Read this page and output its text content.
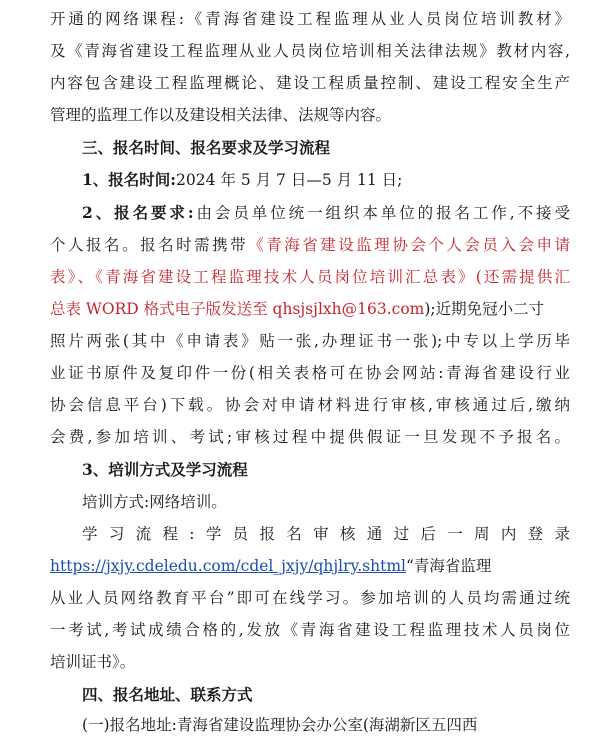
开通的网络课程:《青海省建设工程监理从业人员岗位培训教材》
及《青海省建设工程监理从业人员岗位培训相关法律法规》教材内容,
内容包含建设工程监理概论、建设工程质量控制、建设工程安全生产
管理的监理工作以及建设相关法律、法规等内容。
三、报名时间、报名要求及学习流程
1、报名时间:2024 年 5 月 7 日—5 月 11 日;
2、报名要求:由会员单位统一组织本单位的报名工作,不接受
个人报名。报名时需携带《青海省建设监理协会个人会员入会申请
表》、《青海省建设工程监理技术人员岗位培训汇总表》(还需提供汇
总表 WORD 格式电子版发送至 qhsjsjlxh@163.com);近期免冠小二寸
照片两张(其中《申请表》贴一张,办理证书一张);中专以上学历毕
业证书原件及复印件一份(相关表格可在协会网站:青海省建设行业
协会信息平台)下载。协会对申请材料进行审核,审核通过后,缴纳
会费,参加培训、考试;审核过程中提供假证一旦发现不予报名。
3、培训方式及学习流程
培训方式:网络培训。
学习流程:学员报名审核通过后一周内登录
https://jxjy.cdeledu.com/cdel_jxjy/qhjlry.shtml“青海省监理
从业人员网络教育平台”即可在线学习。参加培训的人员均需通过统
一考试,考试成绩合格的,发放《青海省建设工程监理技术人员岗位
培训证书》。
四、报名地址、联系方式
(一)报名地址:青海省建设监理协会办公室(海湖新区五四西
